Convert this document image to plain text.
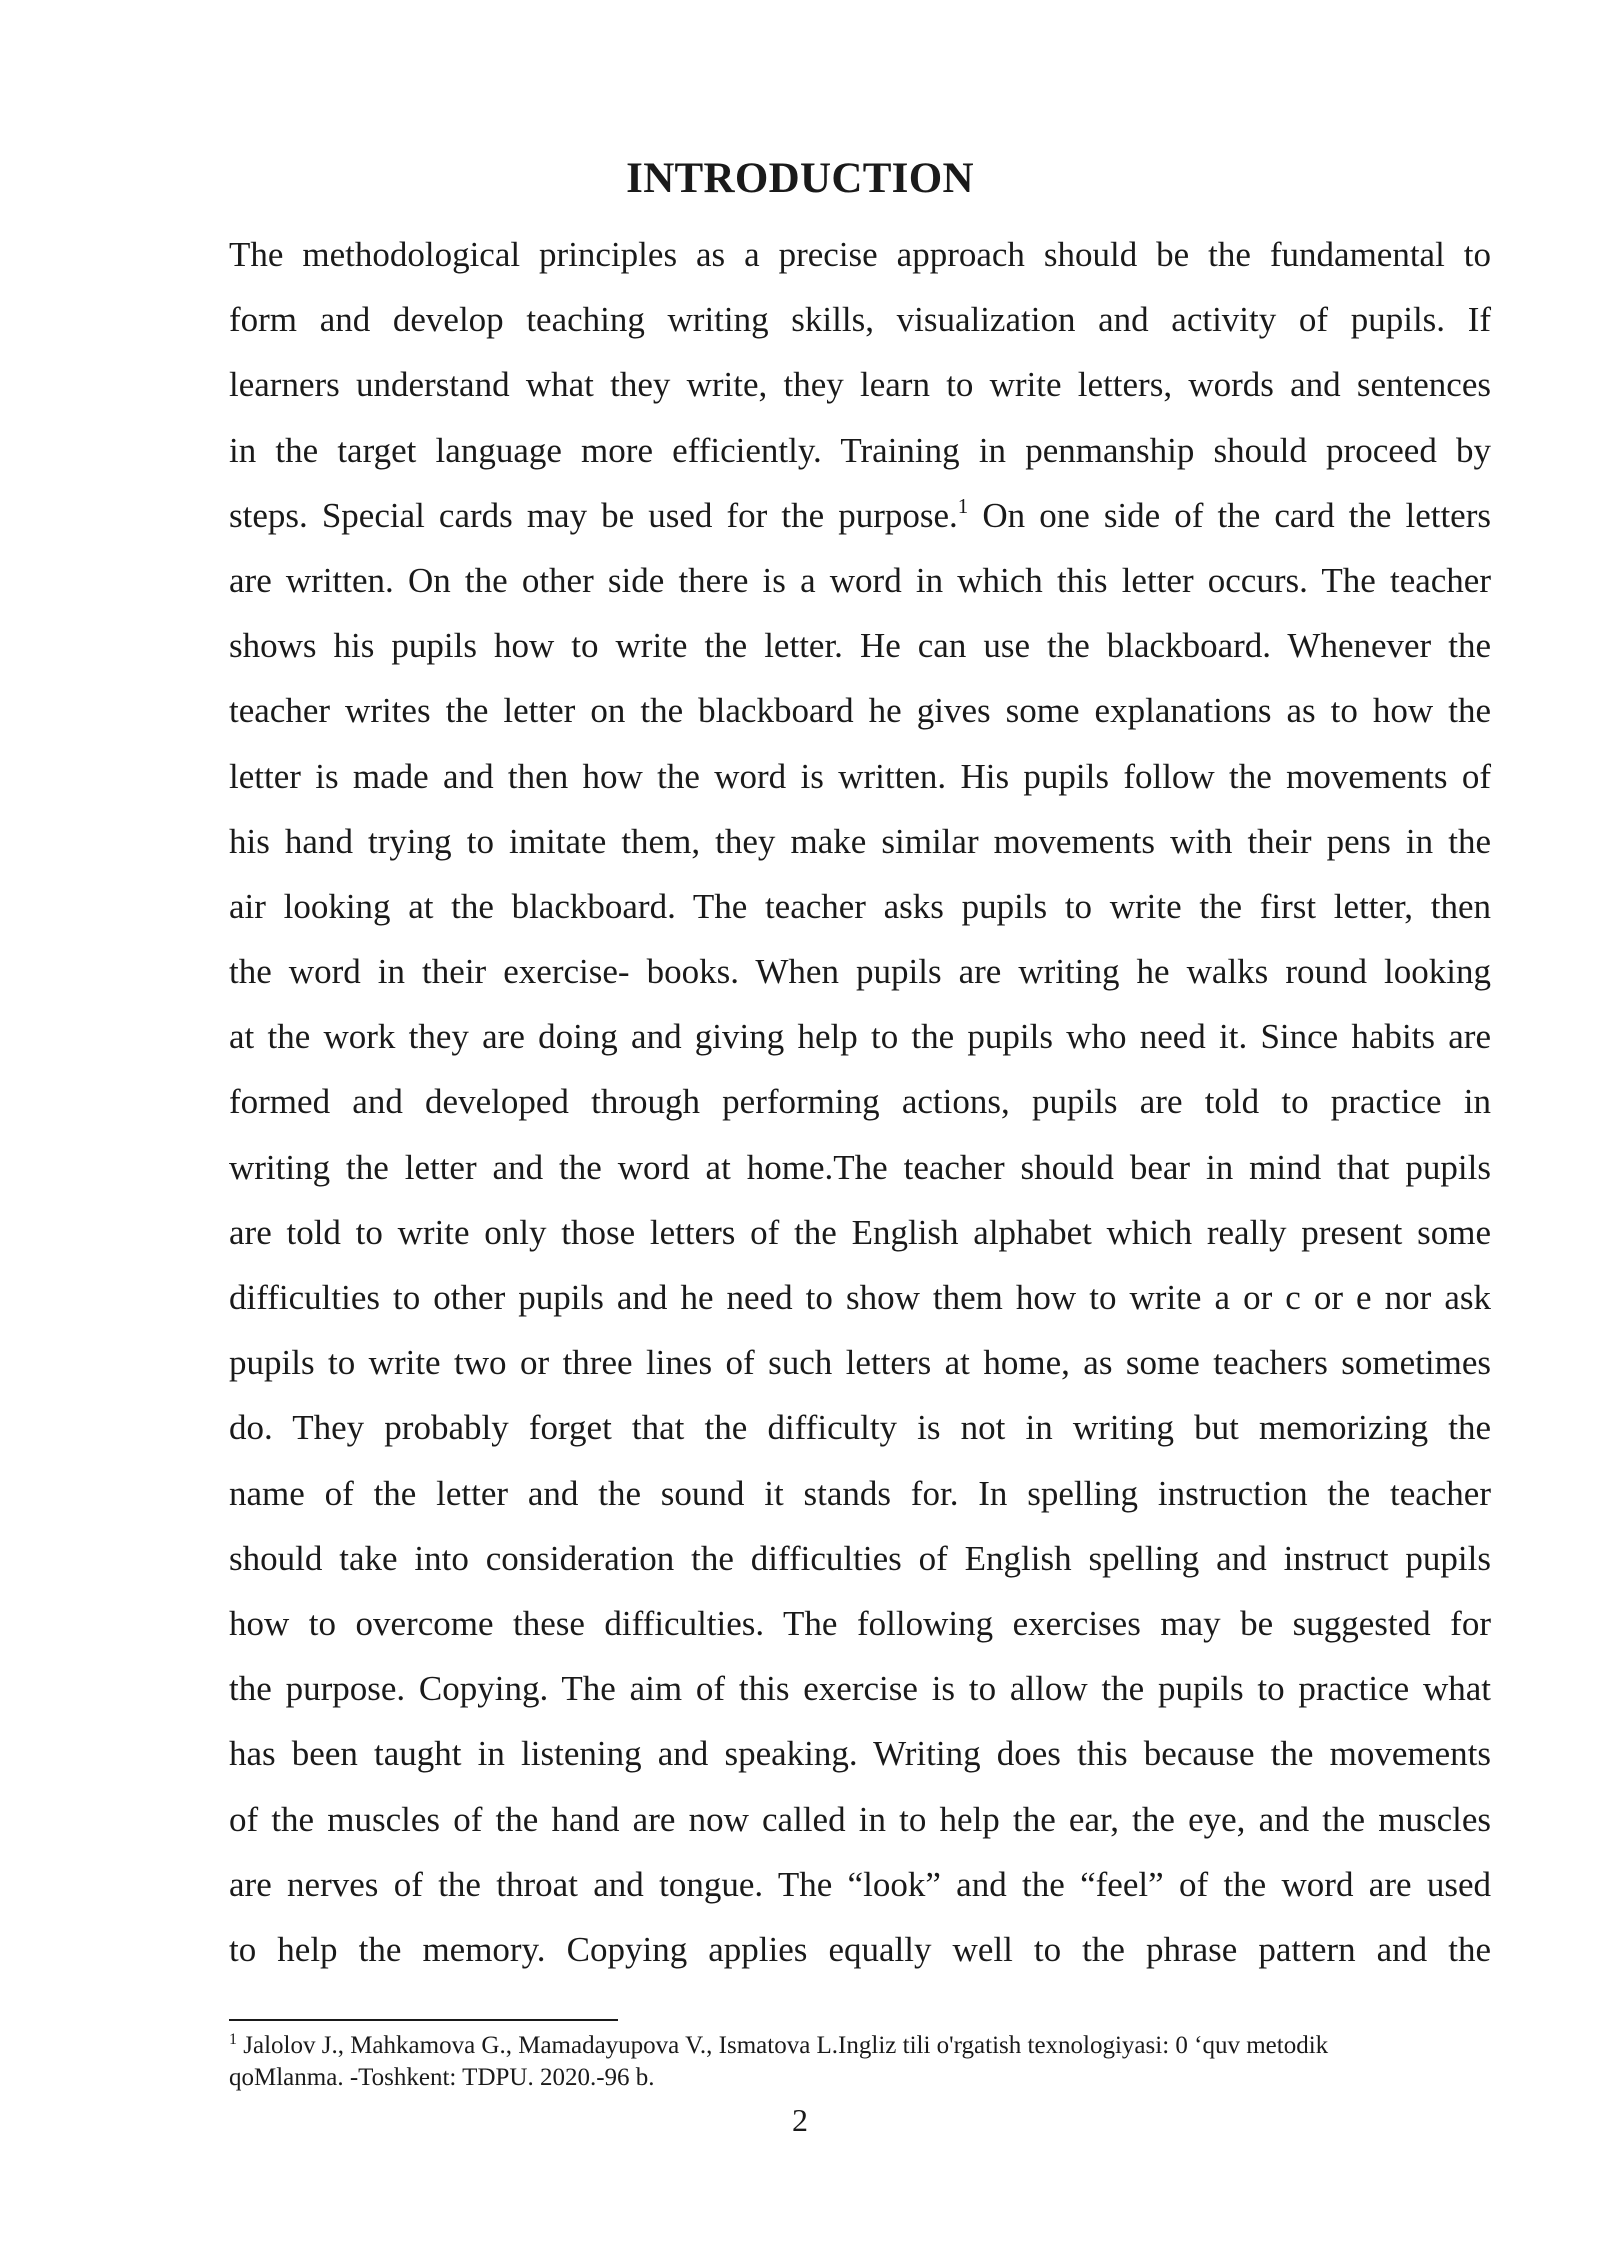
INTRODUCTION
The methodological principles as a precise approach should be the fundamental to
form and develop teaching writing skills, visualization and activity of pupils. If
learners understand what they write, they learn to write letters, words and sentences
in the target language more efficiently. Training in penmanship should proceed by
steps. Special cards may be used for the purpose.$^1$ On one side of the card the letters
are written. On the other side there is a word in which this letter occurs. The teacher
shows his pupils how to write the letter. He can use the blackboard. Whenever the
teacher writes the letter on the blackboard he gives some explanations as to how the
letter is made and then how the word is written. His pupils follow the movements of
his hand trying to imitate them, they make similar movements with their pens in the
air looking at the blackboard. The teacher asks pupils to write the first letter, then
the word in their exercise- books. When pupils are writing he walks round looking
at the work they are doing and giving help to the pupils who need it. Since habits are
formed and developed through performing actions, pupils are told to practice in
writing the letter and the word at home.The teacher should bear in mind that pupils
are told to write only those letters of the English alphabet which really present some
difficulties to other pupils and he need to show them how to write a or c or e nor ask
pupils to write two or three lines of such letters at home, as some teachers sometimes
do. They probably forget that the difficulty is not in writing but memorizing the
name of the letter and the sound it stands for. In spelling instruction the teacher
should take into consideration the difficulties of English spelling and instruct pupils
how to overcome these difficulties. The following exercises may be suggested for
the purpose. Copying. The aim of this exercise is to allow the pupils to practice what
has been taught in listening and speaking. Writing does this because the movements
of the muscles of the hand are now called in to help the ear, the eye, and the muscles
are nerves of the throat and tongue. The “look” and the “feel” of the word are used
to help the memory. Copying applies equally well to the phrase pattern and the
$^1$ Jalolov J., Mahkamova G., Mamadayupova V., Ismatova L.Ingliz tili o'rgatish texnologiyasi: 0 ‘quv metodik
qoMlanma. -Toshkent: TDPU. 2020.-96 b.
2
